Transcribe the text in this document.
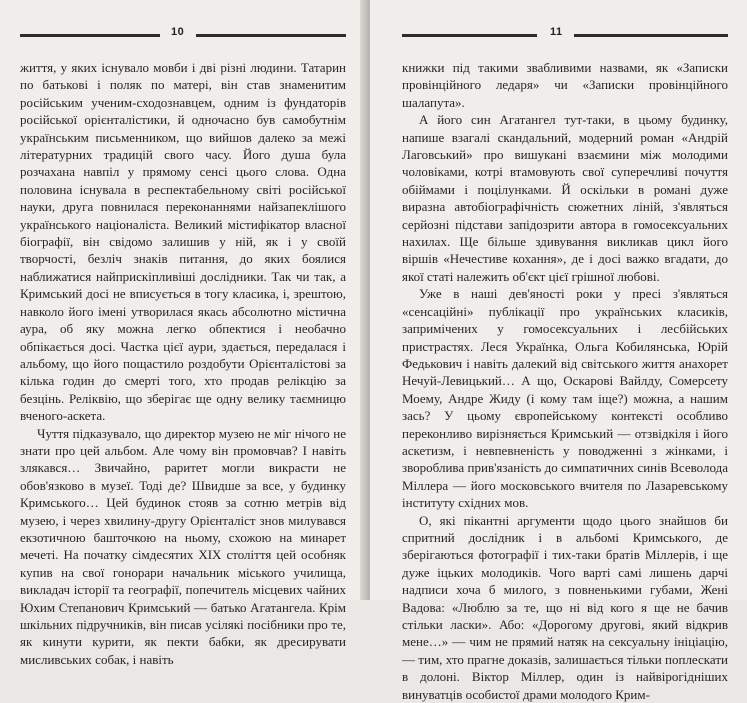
10

життя, у яких існувало мовби і дві різні людини. Татарин по батькові і поляк по матері, він став знаменитим російським ученим-сходознавцем, одним із фундаторів російської орієнталістики, й одночасно був самобутнім українським письменником, що вийшов далеко за межі літературних традицій свого часу. Його душа була розчахана навпіл у прямому сенсі цього слова. Одна половина існувала в респектабельному світі російської науки, друга повнилася переконаннями найзапеклішого українського націоналіста. Великий містифікатор власної біографії, він свідомо залишив у ній, як і у своїй творчості, безліч знаків питання, до яких боялися наближатися найприскіпливіші дослідники. Так чи так, а Кримський досі не вписується в тогу класика, і, зрештою, навколо його імені утворилася якась абсолютно містична аура, об яку можна легко обпектися і необачно обпікається досі. Частка цієї аури, здається, передалася і альбому, що його пощастило роздобути Орієнталістові за кілька годин до смерті того, хто продав релікцію за безцінь. Реліквію, що зберігає ще одну велику таємницю вченого-аскета.

Чуття підказувало, що директор музею не міг нічого не знати про цей альбом. Але чому він промовчав? І навіть злякався… Звичайно, раритет могли викрасти не обов'язково в музеї. Тоді де? Швидше за все, у будинку Кримського… Цей будинок стояв за сотню метрів від музею, і через хвилину-другу Орієнталіст знов милувався екзотичною башточкою на ньому, схожою на минарет мечеті. На початку сімдесятих XIX століття цей особняк купив на свої гонорари начальник міського училища, викладач історії та географії, попечитель місцевих чайних Юхим Степанович Кримський — батько Агатангела. Крім шкільних підручників, він писав усілякі посібники про те, як кинути курити, як пекти бабки, як дресирувати мисливських собак, і навіть

11

книжки під такими звабливими назвами, як «Записки провінційного ледаря» чи «Записки провінційного шалапута».

А його син Агатангел тут-таки, в цьому будинку, напише взагалі скандальний, модерний роман «Андрій Лаговський» про вишукані взаємини між молодими чоловіками, котрі втамовують свої суперечливі почуття обіймами і поцілунками. Й оскільки в романі дуже виразна автобіографічність сюжетних ліній, з'являться серйозні підстави запідозрити автора в гомосексуальних нахилах. Ще більше здивування викликав цикл його віршів «Нечестиве кохання», де і досі важко вгадати, до якої статі належить об'єкт цієї грішної любові.

Уже в наші дев'яності роки у пресі з'являться «сенсаційні» публікації про українських класиків, запримічених у гомосексуальних і лесбійських пристрастях. Леся Українка, Ольга Кобилянська, Юрій Федькович і навіть далекий від світського життя анахорет Нечуй-Левицький… А що, Оскарові Вайлду, Сомерсету Моему, Андре Жиду (і кому там іще?) можна, а нашим зась? У цьому європейському контексті особливо переконливо вирізняється Кримський — отзвідкіля і його аскетизм, і невпевненість у поводженні з жінками, і звороблива прив'язаність до симпатичних синів Всеволода Міллера — його московського вчителя по Лазаревському інституту східних мов.

О, які пікантні аргументи щодо цього знайшов би спритний дослідник і в альбомі Кримського, де зберігаються фотографії і тих-таки братів Міллерів, і ще дуже іцьких молодиків. Чого варті самі лишень дарчі надписи хоча б милого, з повненькими губами, Жені Вадова: «Люблю за те, що ні від кого я ще не бачив стільки ласки». Або: «Дорогому другові, який відкрив мене…» — чим не прямий натяк на сексуальну ініціацію, — тим, хто прагне доказів, залишається тільки поплескати в долоні. Віктор Міллер, один із найвірогідніших винуватців особистої драми молодого Крим-
